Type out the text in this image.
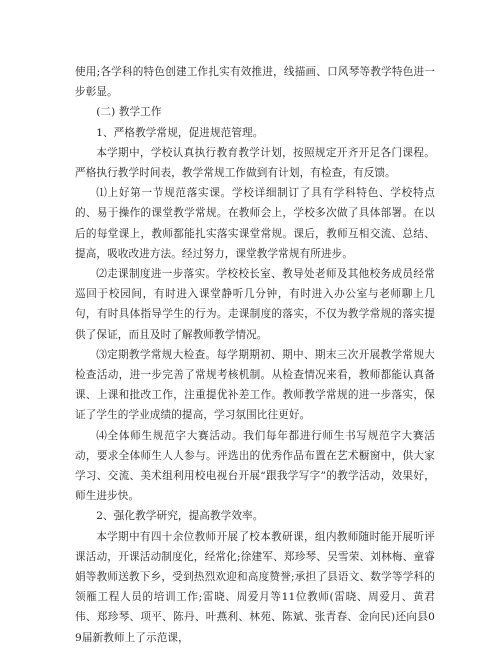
使用;各学科的特色创建工作扎实有效推进，线描画、口风琴等教学特色进一步彰显。

(二) 教学工作

1、严格教学常规，促进规范管理。

本学期中，学校认真执行教育教学计划，按照规定开齐开足各门课程。严格执行教学时间表，教学常规工作做到有计划，有检查，有反馈。

⑴上好第一节规范落实课。学校详细制订了具有学科特色、学校特点的、易于操作的课堂教学常规。在教师会上，学校多次做了具体部署。在以后的每堂课上，教师都能扎实落实课堂常规。课后，教师互相交流、总结、提高，吸收改进方法。经过努力，课堂教学常规有所进步。

⑵走课制度进一步落实。学校校长室、教导处老师及其他校务成员经常巡回于校园间，有时进入课堂静听几分钟，有时进入办公室与老师聊上几句，有时具体指导学生的行为。走课制度的落实，不仅为教学常规的落实提供了保证，而且及时了解教师教学情况。

⑶定期教学常规大检查。每学期期初、期中、期末三次开展教学常规大检查活动，进一步完善了常规考核机制。从检查情况来看，教师都能认真备课、上课和批改工作，注重提优补差工作。教师教学常规的进一步落实，保证了学生的学业成绩的提高，学习氛围比往更好。

⑷全体师生规范字大赛活动。我们每年都进行师生书写规范字大赛活动，要求全体师生人人参与。评选出的优秀作品布置在艺术橱窗中，供大家学习、交流、美术组利用校电视台开展“跟我学写字”的教学活动，效果好，师生进步快。

2、强化教学研究，提高教学效率。

本学期中有四十余位教师开展了校本教研课，组内教师随时能开展听评课活动，开课活动制度化，经常化;徐建军、郑珍琴、吴雪荣、刘林梅、童睿娟等教师送教下乡，受到热烈欢迎和高度赞誉;承担了县语文、数学等学科的领雁工程人员的培训工作;雷晓、周爱月等11位教师(雷晓、周爱月、黄君伟、郑珍琴、项平、陈丹、叶燕利、林苑、陈斌、张青春、金向民)还向县09届新教师上了示范课，
